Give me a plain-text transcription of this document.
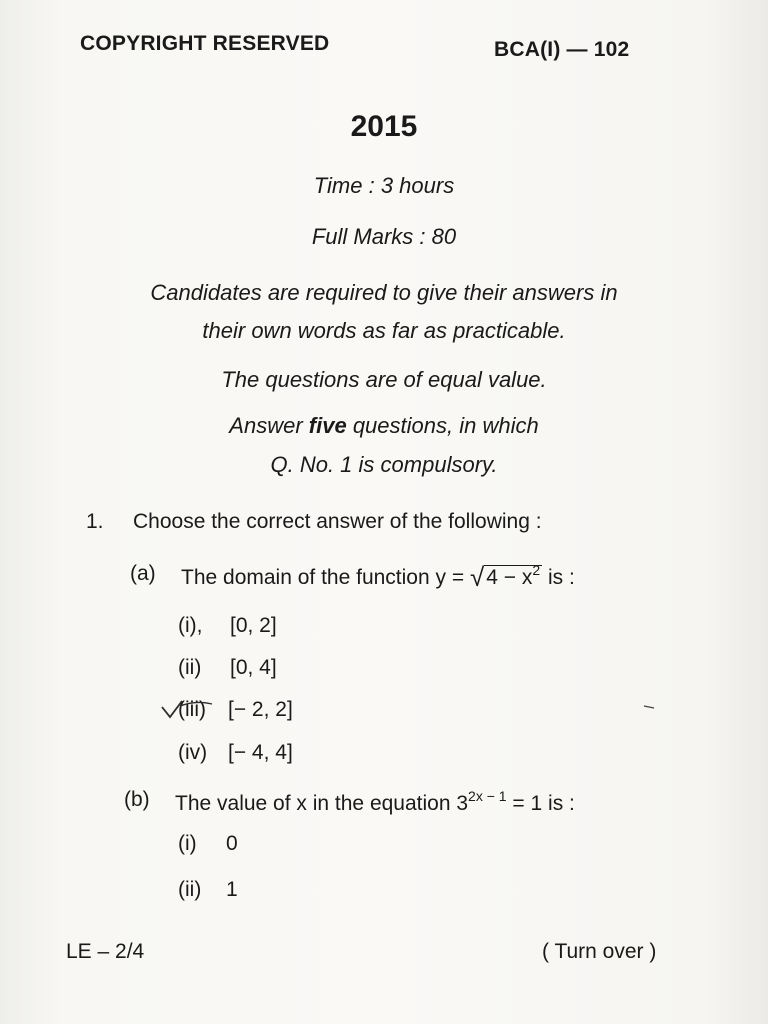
COPYRIGHT RESERVED	BCA(I) — 102
2015
Time : 3 hours
Full Marks : 80
Candidates are required to give their answers in
their own words as far as practicable.
The questions are of equal value.
Answer five questions, in which
Q. No. 1 is compulsory.
1. Choose the correct answer of the following :
(a) The domain of the function $y = √4 - x^2$ is :
(i), [0, 2]
(ii) [0, 4]
(iii) [− 2, 2]
(iv) [− 4, 4]
(b) The value of x in the equation $3^{2x - 1} = 1$ is :
(i) 0
(ii) 1
LE – 2/4	( Turn over )
